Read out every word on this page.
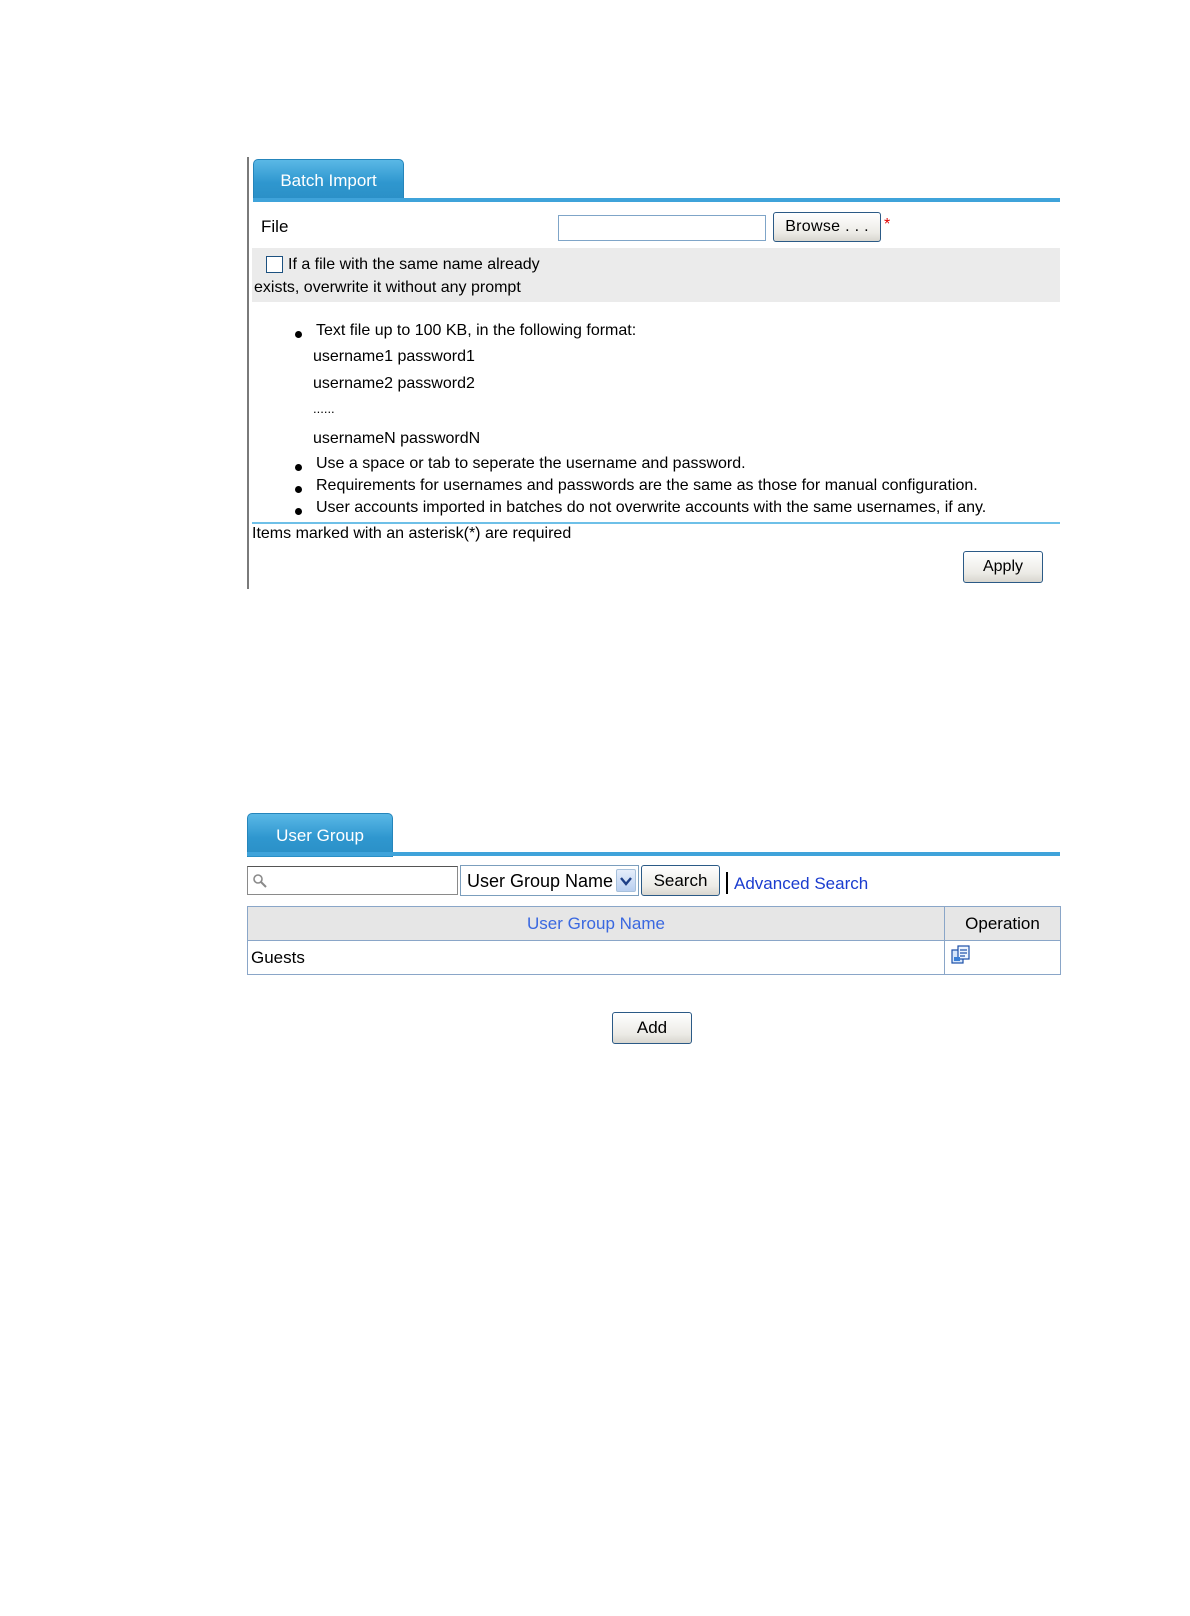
Batch Import
File	Browse . . . *
If a file with the same name already
exists, overwrite it without any prompt
Text file up to 100 KB, in the following format:
username1 password1
username2 password2
......
usernameN passwordN
Use a space or tab to seperate the username and password.
Requirements for usernames and passwords are the same as those for manual configuration.
User accounts imported in batches do not overwrite accounts with the same usernames, if any.
Items marked with an asterisk(*) are required
Apply
User Group
User Group Name	Search	Advanced Search
User Group Name	Operation
Guests	
Add
